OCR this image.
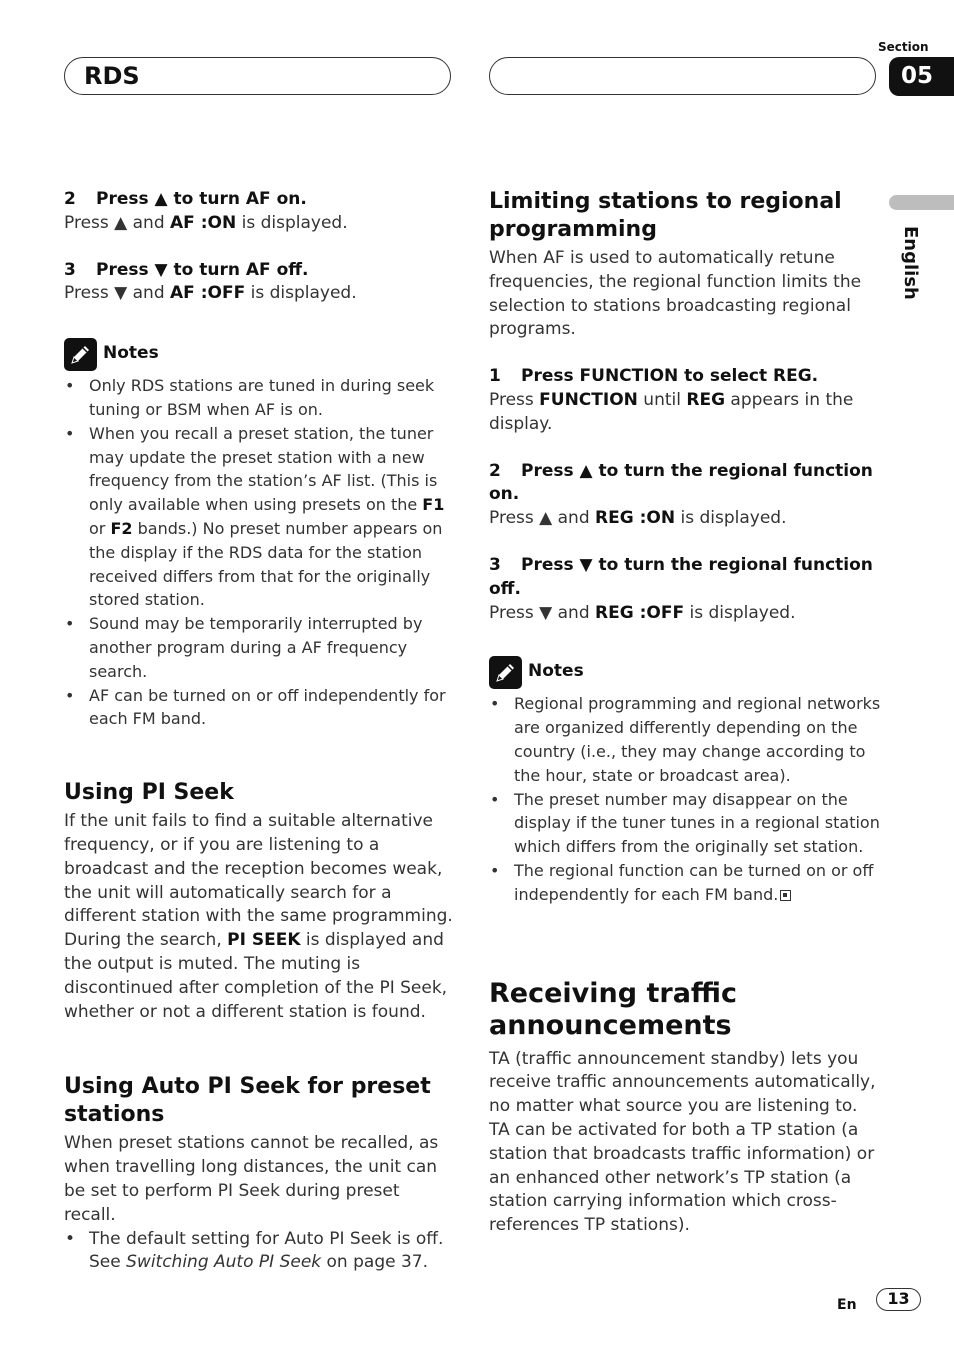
RDS
Section
05
English

2 Press ▲ to turn AF on.

Press ▲ and AF :ON is displayed.

3 Press ▼ to turn AF off.

Press ▼ and AF :OFF is displayed.

Notes
• Only RDS stations are tuned in during seek tuning or BSM when AF is on.
• When you recall a preset station, the tuner may update the preset station with a new frequency from the station’s AF list. (This is only available when using presets on the F1 or F2 bands.) No preset number appears on the display if the RDS data for the station received differs from that for the originally stored station.
• Sound may be temporarily interrupted by another program during a AF frequency search.
• AF can be turned on or off independently for each FM band.
Using PI Seek

If the unit fails to find a suitable alternative frequency, or if you are listening to a broadcast and the reception becomes weak, the unit will automatically search for a different station with the same programming. During the search, PI SEEK is displayed and the output is muted. The muting is discontinued after completion of the PI Seek, whether or not a different station is found.

Using Auto PI Seek for preset stations

When preset stations cannot be recalled, as when travelling long distances, the unit can be set to perform PI Seek during preset recall.

• The default setting for Auto PI Seek is off. See Switching Auto PI Seek on page 37.
Limiting stations to regional programming

When AF is used to automatically retune frequencies, the regional function limits the selection to stations broadcasting regional programs.

1 Press FUNCTION to select REG.

Press FUNCTION until REG appears in the display.

2 Press ▲ to turn the regional function on.

Press ▲ and REG :ON is displayed.

3 Press ▼ to turn the regional function off.

Press ▼ and REG :OFF is displayed.

Notes
• Regional programming and regional networks are organized differently depending on the country (i.e., they may change according to the hour, state or broadcast area).
• The preset number may disappear on the display if the tuner tunes in a regional station which differs from the originally set station.
• The regional function can be turned on or off independently for each FM band.
Receiving traffic announcements

TA (traffic announcement standby) lets you receive traffic announcements automatically, no matter what source you are listening to. TA can be activated for both a TP station (a station that broadcasts traffic information) or an enhanced other network’s TP station (a station carrying information which cross-references TP stations).

En	13
